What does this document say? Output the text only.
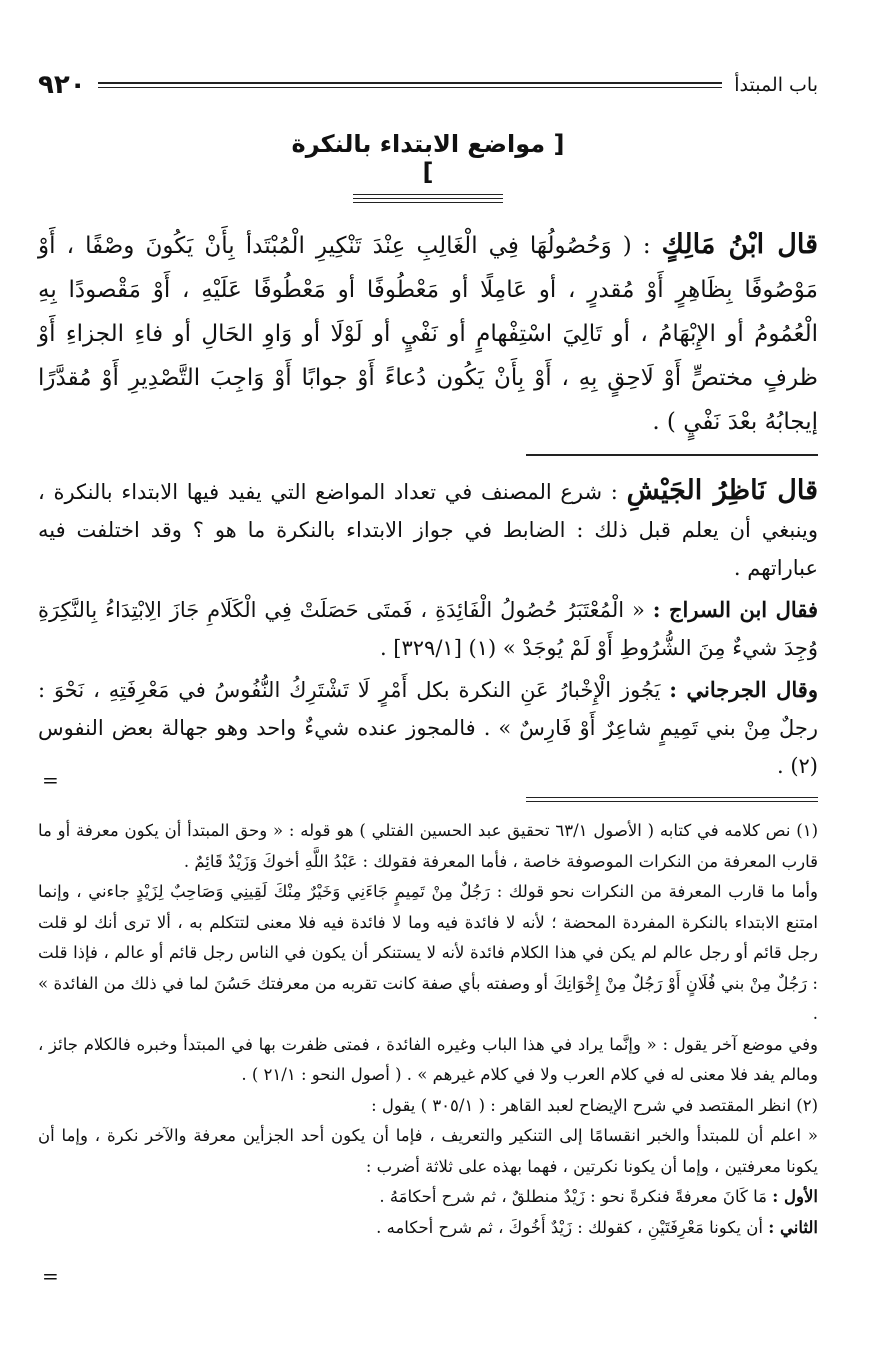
باب المبتدأ
٩٢٠
[ مواضع الابتداء بالنكرة ]

قال ابْنُ مَالِكٍ : ( وَحُصُولُهَا فِي الْغَالِبِ عِنْدَ تَنْكِيرِ الْمُبْتَدأ بِأَنْ يَكُونَ وصْفًا ، أَوْ مَوْصُوفًا بِظَاهِرٍ أَوْ مُقدرٍ ، أو عَامِلًا أو مَعْطُوفًا أو مَعْطُوفًا عَلَيْهِ ، أَوْ مَقْصودًا بِهِ الْعُمُومُ أو الإِبْهَامُ ، أو تَالِيَ اسْتِفْهامٍ أو نَفْيٍ أو لَوْلَا أو وَاوِ الحَالِ أو فاءِ الجزاءِ أَوْ ظرفٍ مختصٍّ أَوْ لَاحِقٍ بِهِ ، أَوْ بِأَنْ يَكُون دُعاءً أَوْ جوابًا أَوْ وَاجِبَ التَّصْدِيرِ أَوْ مُقدَّرًا إيجابُهُ بعْدَ نَفْيٍ ) .

قال نَاظِرُ الجَيْشِ : شرع المصنف في تعداد المواضع التي يفيد فيها الابتداء بالنكرة ، وينبغي أن يعلم قبل ذلك : الضابط في جواز الابتداء بالنكرة ما هو ؟ وقد اختلفت فيه عباراتهم .

فقال ابن السراج : « الْمُعْتَبَرُ حُصُولُ الْفَائِدَةِ ، فَمتَى حَصَلَتْ فِي الْكَلَامِ جَازَ الِابْتِدَاءُ بِالنَّكِرَةِ وُجِدَ شيءٌ مِنَ الشُّرُوطِ أَوْ لَمْ يُوجَدْ » (١) [٣٢٩/١] .

وقال الجرجاني : يَجُوز الْإِخْبارُ عَنِ النكرة بكل أَمْرٍ لَا تَشْتَرِكُ النُّفُوسُ في مَعْرِفَتِهِ ، نَحْوَ : رجلٌ مِنْ بني تَمِيمٍ شاعِرٌ أَوْ فَارِسٌ » . فالمجوز عنده شيءٌ واحد وهو جهالة بعض النفوس (٢) .

(١) نص كلامه في كتابه ( الأصول ٦٣/١ تحقيق عبد الحسين الفتلي ) هو قوله : « وحق المبتدأ أن يكون معرفة أو ما قارب المعرفة من النكرات الموصوفة خاصة ، فأما المعرفة فقولك : عَبْدُ اللَّهِ أخوكَ وَزَيْدٌ قَائِمٌ .

وأما ما قارب المعرفة من النكرات نحو قولك : رَجُلٌ مِنْ تَمِيمٍ جَاءَنِي وَخَيْرٌ مِنْكَ لَقِينِي وَصَاحِبٌ لِزَيْدٍ جاءني ، وإنما امتنع الابتداء بالنكرة المفردة المحضة ؛ لأنه لا فائدة فيه وما لا فائدة فيه فلا معنى لتتكلم به ، ألا ترى أنك لو قلت رجل قائم أو رجل عالم لم يكن في هذا الكلام فائدة لأنه لا يستنكر أن يكون في الناس رجل قائم أو عالم ، فإذا قلت : رَجُلٌ مِنْ بني فُلَانٍ أَوْ رَجُلٌ مِنْ إِخْوَانِكَ أو وصفته بأي صفة كانت تقربه من معرفتك حَسُنَ لما في ذلك من الفائدة » .

وفي موضع آخر يقول : « وإنَّما يراد في هذا الباب وغيره الفائدة ، فمتى ظفرت بها في المبتدأ وخبره فالكلام جائز ، ومالم يفد فلا معنى له في كلام العرب ولا في كلام غيرهم » . ( أصول النحو : ٢١/١ ) .

(٢) انظر المقتصد في شرح الإيضاح لعبد القاهر : ( ٣٠٥/١ ) يقول :

« اعلم أن للمبتدأ والخبر انقسامًا إلى التنكير والتعريف ، فإما أن يكون أحد الجزأين معرفة والآخر نكرة ، وإما أن يكونا معرفتين ، وإما أن يكونا نكرتين ، فهما بهذه على ثلاثة أضرب :

الأول : مَا كَانَ معرفةً فنكرةً نحو : زَيْدٌ منطلقٌ ، ثم شرح أحكامَهُ .

الثاني : أن يكونا مَعْرِفَتَيْنِ ، كقولك : زَيْدٌ أَخُوكَ ، ثم شرح أحكامه .

=
=
